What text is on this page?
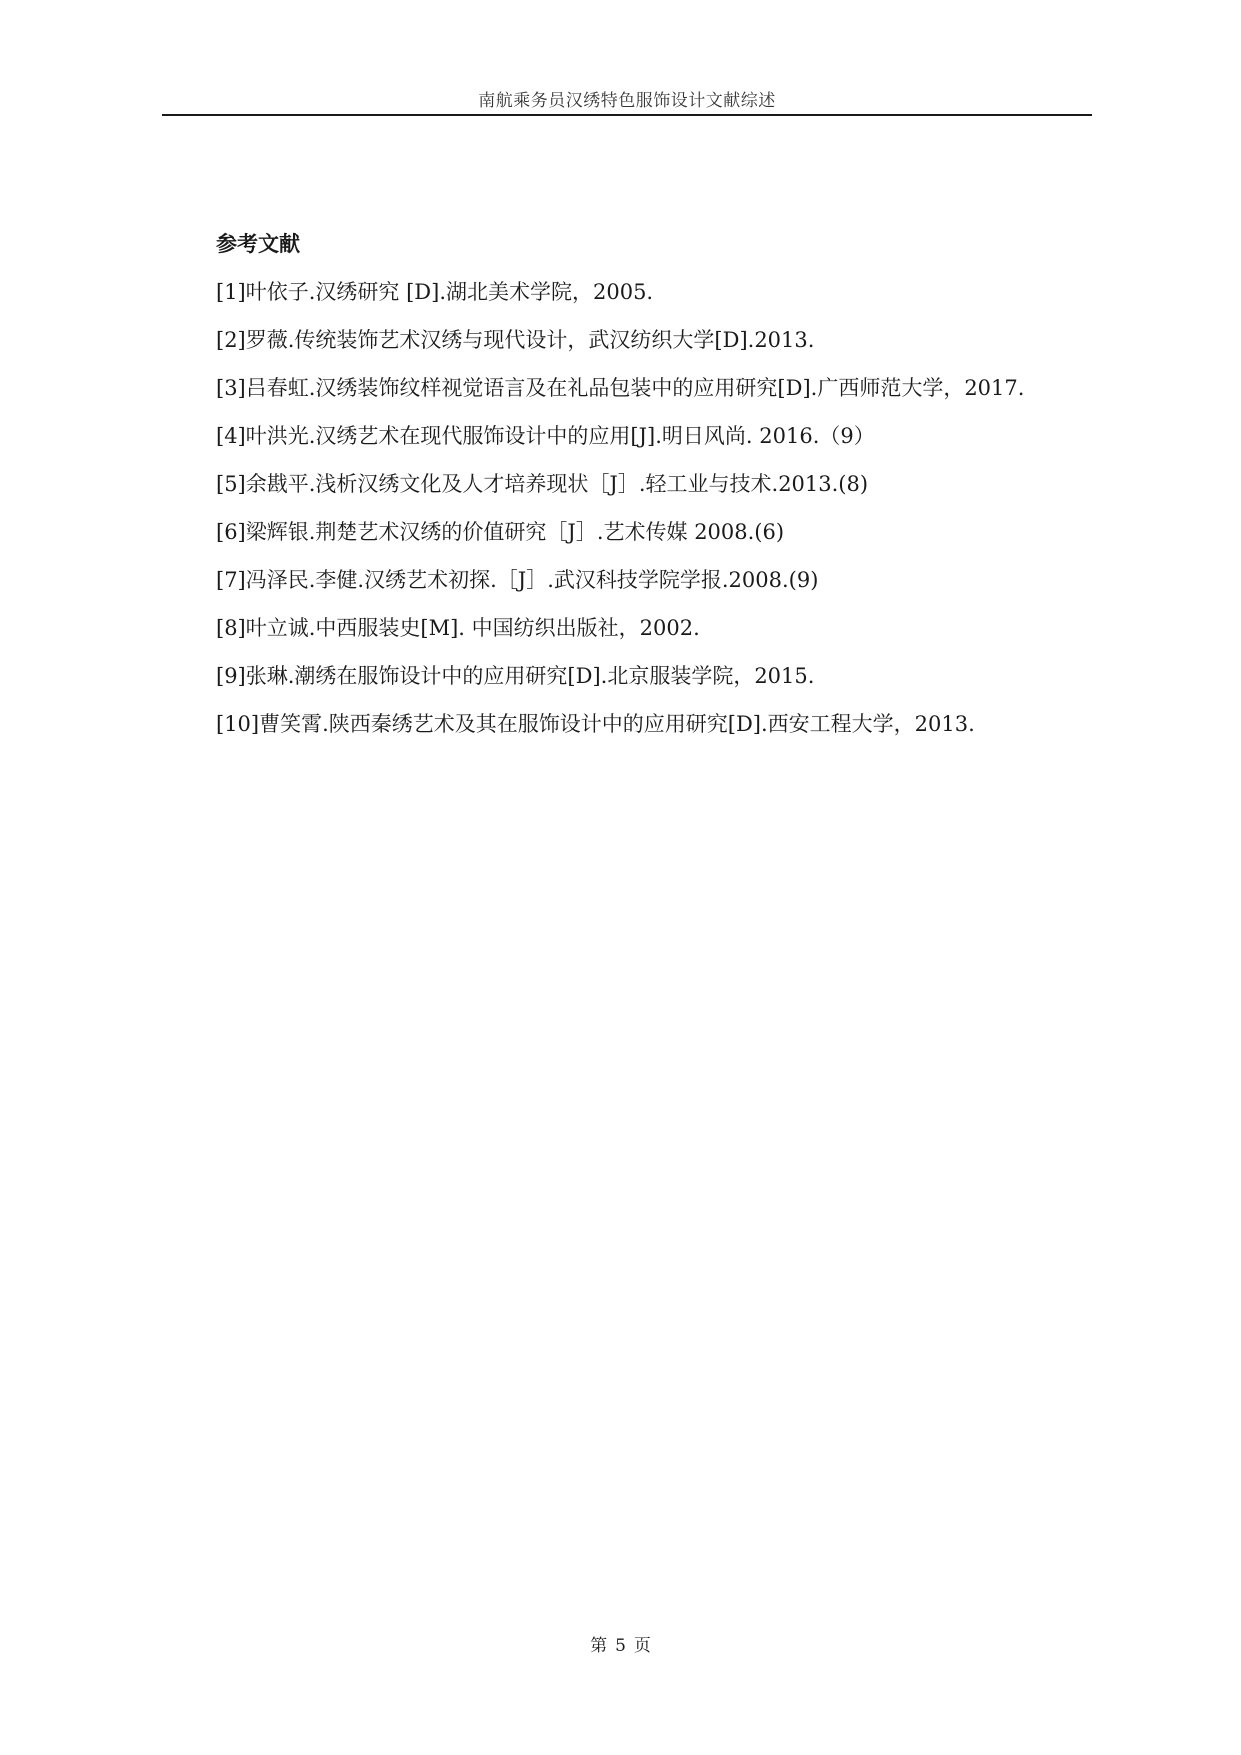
南航乘务员汉绣特色服饰设计文献综述
参考文献
[1]叶依子.汉绣研究 [D].湖北美术学院，2005.
[2]罗薇.传统装饰艺术汉绣与现代设计，武汉纺织大学[D].2013.
[3]吕春虹.汉绣装饰纹样视觉语言及在礼品包装中的应用研究[D].广西师范大学，2017.
[4]叶洪光.汉绣艺术在现代服饰设计中的应用[J].明日风尚. 2016.（9）
[5]余戡平.浅析汉绣文化及人才培养现状［J］.轻工业与技术.2013.(8)
[6]梁辉银.荆楚艺术汉绣的价值研究［J］.艺术传媒 2008.(6)
[7]冯泽民.李健.汉绣艺术初探.［J］.武汉科技学院学报.2008.(9)
[8]叶立诚.中西服装史[M]. 中国纺织出版社，2002.
[9]张琳.潮绣在服饰设计中的应用研究[D].北京服装学院，2015.
[10]曹笑霄.陕西秦绣艺术及其在服饰设计中的应用研究[D].西安工程大学，2013.
第 5 页
